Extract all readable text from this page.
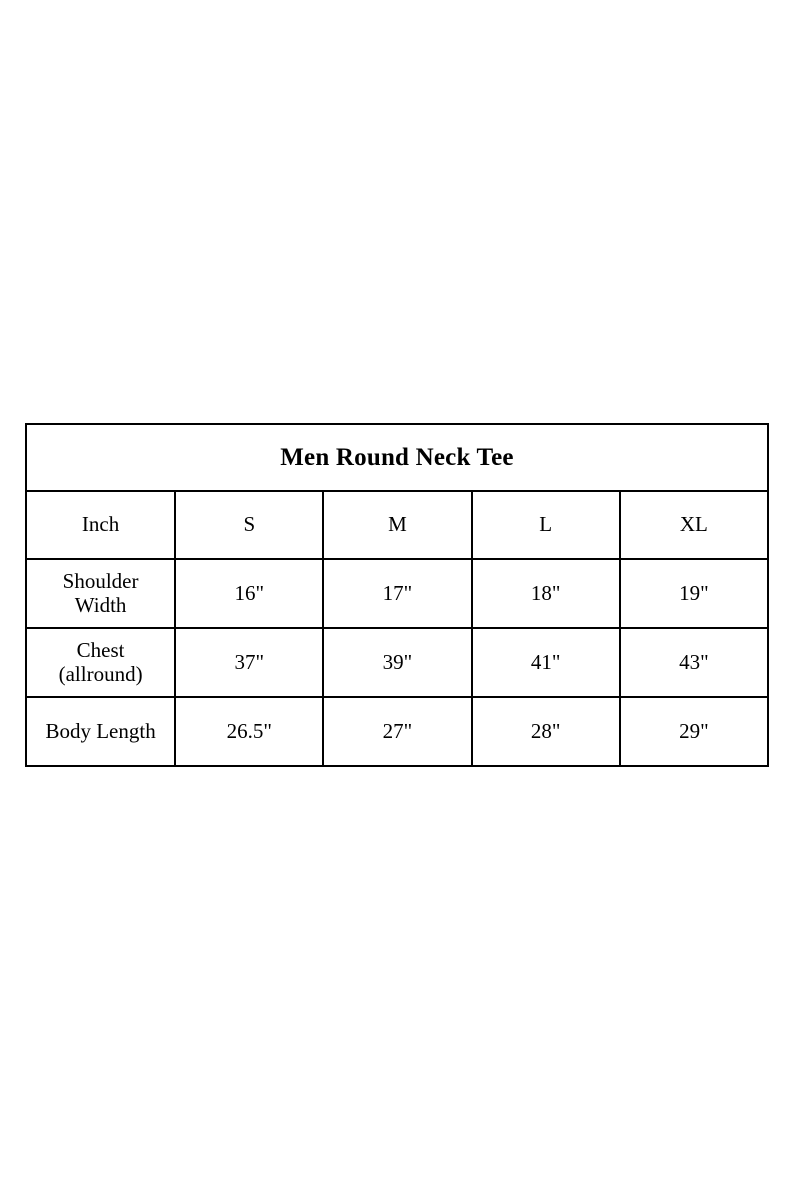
Men Round Neck Tee				
Inch	S	M	L	XL

Shoulder
Width	16"	17"	18"	19"

Chest
(allround)	37"	39"	41"	43"

Body Length	26.5"	27"	28"	29"
